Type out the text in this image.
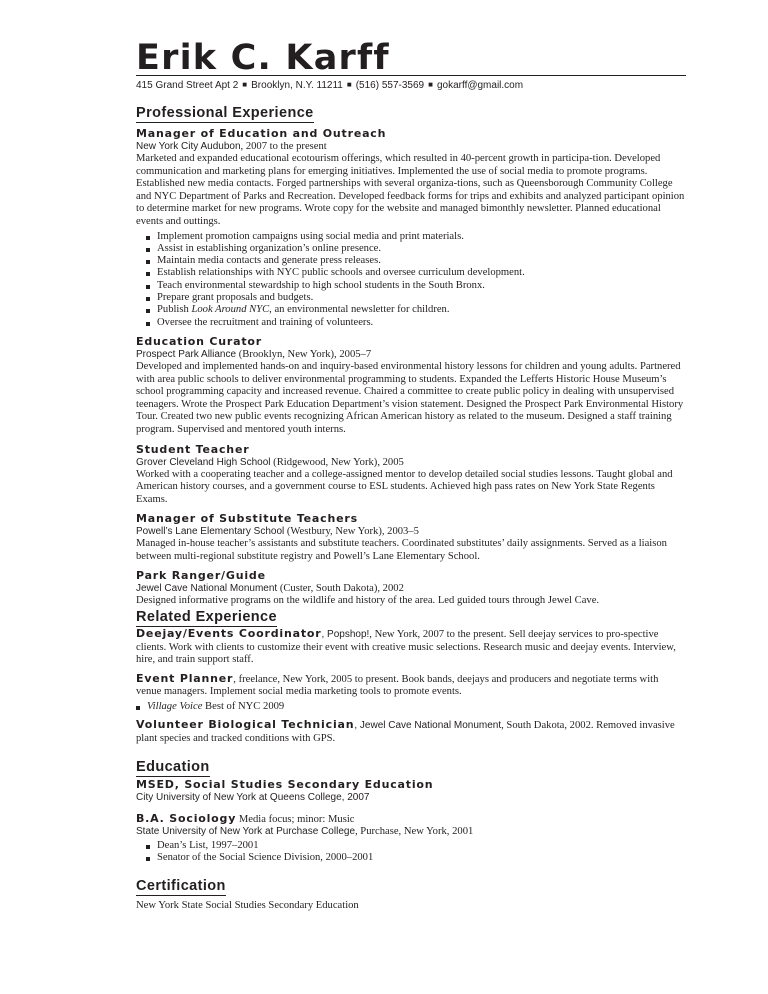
Erik C. Karff
415 Grand Street Apt 2 ■ Brooklyn, N.Y. 11211 ■ (516) 557-3569 ■ gokarff@gmail.com
Professional Experience

Manager of Education and Outreach

New York City Audubon, 2007 to the present

Marketed and expanded educational ecotourism offerings, which resulted in 40-percent growth in participa-tion. Developed communication and marketing plans for emerging initiatives. Implemented the use of social media to promote programs. Established new media contacts. Forged partnerships with several organiza-tions, such as Queensborough Community College and NYC Department of Parks and Recreation. Developed feedback forms for trips and exhibits and analyzed participant opinion to determine market for new programs. Wrote copy for the website and managed bimonthly newsletter. Planned educational events and outtings.

Implement promotion campaigns using social media and print materials.
Assist in establishing organization’s online presence.
Maintain media contacts and generate press releases.
Establish relationships with NYC public schools and oversee curriculum development.
Teach environmental stewardship to high school students in the South Bronx.
Prepare grant proposals and budgets.
Publish Look Around NYC, an environmental newsletter for children.
Oversee the recruitment and training of volunteers.

Education Curator

Prospect Park Alliance (Brooklyn, New York), 2005–7

Developed and implemented hands-on and inquiry-based environmental history lessons for children and young adults. Partnered with area public schools to deliver environmental programming to students. Expanded the Lefferts Historic House Museum’s school programming capacity and increased revenue. Chaired a committee to create public policy in dealing with unsupervised teenagers. Wrote the Prospect Park Education Department’s vision statement. Designed the Prospect Park Environmental History Tour. Created two new public events recognizing African American history as related to the museum. Designed a staff training program. Supervised and mentored youth interns.

Student Teacher

Grover Cleveland High School (Ridgewood, New York), 2005

Worked with a cooperating teacher and a college-assigned mentor to develop detailed social studies lessons. Taught global and American history courses, and a government course to ESL students. Achieved high pass rates on New York State Regents Exams.

Manager of Substitute Teachers

Powell’s Lane Elementary School (Westbury, New York), 2003–5

Managed in-house teacher’s assistants and substitute teachers. Coordinated substitutes’ daily assignments. Served as a liaison between multi-regional substitute registry and Powell’s Lane Elementary School.

Park Ranger/Guide

Jewel Cave National Monument (Custer, South Dakota), 2002

Designed informative programs on the wildlife and history of the area. Led guided tours through Jewel Cave.

Related Experience

Deejay/Events Coordinator, Popshop!, New York, 2007 to the present. Sell deejay services to pro-spective clients. Work with clients to customize their event with creative music selections. Research music and deejay events. Interview, hire, and train support staff.

Event Planner, freelance, New York, 2005 to present. Book bands, deejays and producers and negotiate terms with venue managers. Implement social media marketing tools to promote events.

Village Voice Best of NYC 2009

Volunteer Biological Technician, Jewel Cave National Monument, South Dakota, 2002. Removed invasive plant species and tracked conditions with GPS.

Education

MSED, Social Studies Secondary Education

City University of New York at Queens College, 2007

B.A. Sociology Media focus; minor: Music

State University of New York at Purchase College, Purchase, New York, 2001

Dean’s List, 1997–2001
Senator of the Social Science Division, 2000–2001
Certification

New York State Social Studies Secondary Education
